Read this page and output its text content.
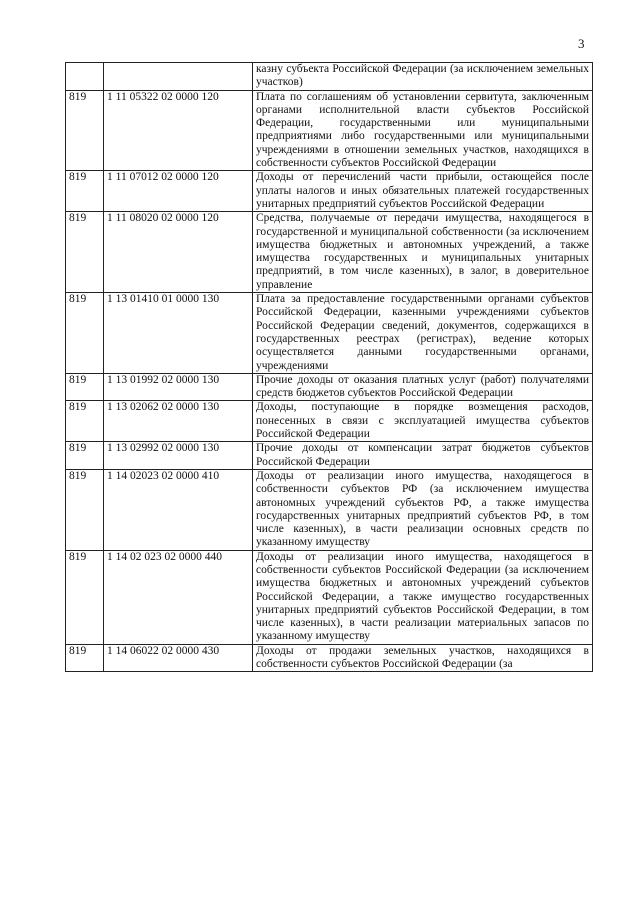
3
		казну субъекта Российской Федерации (за исключением земельных участков)
819	1 11 05322 02 0000 120	Плата по соглашениям об установлении сервитута, заключенным органами исполнительной власти субъектов Российской Федерации, государственными или муниципальными предприятиями либо государственными или муниципальными учреждениями в отношении земельных участков, находящихся в собственности субъектов Российской Федерации
819	1 11 07012 02 0000 120	Доходы от перечислений части прибыли, остающейся после уплаты налогов и иных обязательных платежей государственных унитарных предприятий субъектов Российской Федерации
819	1 11 08020 02 0000 120	Средства, получаемые от передачи имущества, находящегося в государственной и муниципальной собственности (за исключением имущества бюджетных и автономных учреждений, а также имущества государственных и муниципальных унитарных предприятий, в том числе казенных), в залог, в доверительное управление
819	1 13 01410 01 0000 130	Плата за предоставление государственными органами субъектов Российской Федерации, казенными учреждениями субъектов Российской Федерации сведений, документов, содержащихся в государственных реестрах (регистрах), ведение которых осуществляется данными государственными органами, учреждениями
819	1 13 01992 02 0000 130	Прочие доходы от оказания платных услуг (работ) получателями средств бюджетов субъектов Российской Федерации
819	1 13 02062 02 0000 130	Доходы, поступающие в порядке возмещения расходов, понесенных в связи с эксплуатацией имущества субъектов Российской Федерации
819	1 13 02992 02 0000 130	Прочие доходы от компенсации затрат бюджетов субъектов Российской Федерации
819	1 14 02023 02 0000 410	Доходы от реализации иного имущества, находящегося в собственности субъектов РФ (за исключением имущества автономных учреждений субъектов РФ, а также имущества государственных унитарных предприятий субъектов РФ, в том числе казенных), в части реализации основных средств по указанному имуществу
819	1 14 02 023 02 0000 440	Доходы от реализации иного имущества, находящегося в собственности субъектов Российской Федерации (за исключением имущества бюджетных и автономных учреждений субъектов Российской Федерации, а также имущество государственных унитарных предприятий субъектов Российской Федерации, в том числе казенных), в части реализации материальных запасов по указанному имуществу
819	1 14 06022 02 0000 430	Доходы от продажи земельных участков, находящихся в собственности субъектов Российской Федерации (за
